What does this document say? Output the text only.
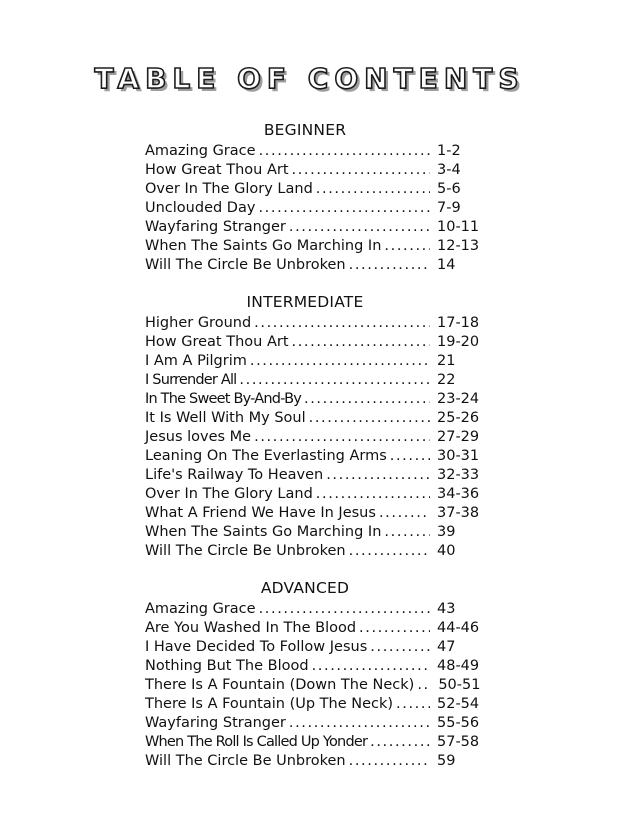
TABLE OF CONTENTS
BEGINNER
Amazing Grace .....	1-2
How Great Thou Art .....	3-4
Over In The Glory Land .....	5-6
Unclouded Day .....	7-9
Wayfaring Stranger .....	10-11
When The Saints Go Marching In .....	12-13
Will The Circle Be Unbroken .....	14
INTERMEDIATE
Higher Ground .....	17-18
How Great Thou Art .....	19-20
I Am A Pilgrim .....	21
I Surrender All .....	22
In The Sweet By-And-By .....	23-24
It Is Well With My Soul .....	25-26
Jesus loves Me .....	27-29
Leaning On The Everlasting Arms .....	30-31
Life's Railway To Heaven .....	32-33
Over In The Glory Land .....	34-36
What A Friend We Have In Jesus .....	37-38
When The Saints Go Marching In .....	39
Will The Circle Be Unbroken .....	40
ADVANCED
Amazing Grace .....	43
Are You Washed In The Blood .....	44-46
I Have Decided To Follow Jesus .....	47
Nothing But The Blood .....	48-49
There Is A Fountain (Down The Neck) ..... 50-51
There Is A Fountain (Up The Neck) .....	52-54
Wayfaring Stranger .....	55-56
When The Roll Is Called Up Yonder .....	57-58
Will The Circle Be Unbroken .....	59
